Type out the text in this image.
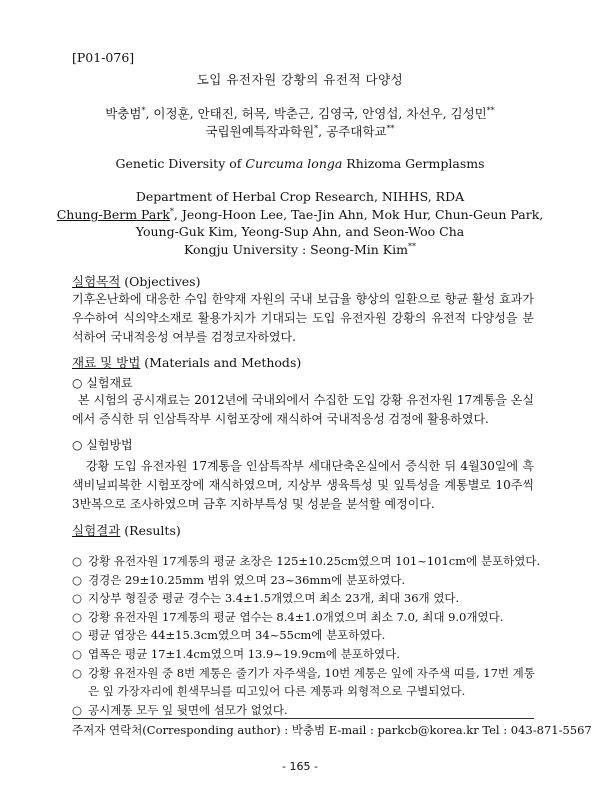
[P01-076]
도입 유전자원 강황의 유전적 다양성
박충범*, 이정훈, 안태진, 허목, 박춘근, 김영국, 안영섭, 차선우, 김성민**
국립원예특작과학원*, 공주대학교**
Genetic Diversity of Curcuma longa Rhizoma Germplasms
Department of Herbal Crop Research, NIHHS, RDA
Chung-Berm Park*, Jeong-Hoon Lee, Tae-Jin Ahn, Mok Hur, Chun-Geun Park,
Young-Guk Kim, Yeong-Sup Ahn, and Seon-Woo Cha
Kongju University : Seong-Min Kim**
실험목적 (Objectives)
기후온난화에 대응한 수입 한약재 자원의 국내 보급율 향상의 일환으로 향균 활성 효과가 우수하여 식의약소재로 활용가치가 기대되는 도입 유전자원 강황의 유전적 다양성을 분석하여 국내적응성 여부를 검정코자하였다.
재료 및 방법 (Materials and Methods)
○ 실험재료
본 시험의 공시재료는 2012년에 국내외에서 수집한 도입 강황 유전자원 17계통을 온실에서 증식한 뒤 인삼특작부 시험포장에 재식하여 국내적응성 검정에 활용하였다.
○ 실험방법
강황 도입 유전자원 17계통을 인삼특작부 세대단축온실에서 증식한 뒤 4월30일에 흑색비닐피복한 시험포장에 재식하였으며, 지상부 생육특성 및 잎특성을 계통별로 10주씩 3반복으로 조사하였으며 금후 지하부특성 및 성분을 분석할 예정이다.
실험결과 (Results)
○ 강황 유전자원 17계통의 평균 초장은 125±10.25cm였으며 101~101cm에 분포하였다.
○ 경경은 29±10.25mm 범위 였으며 23~36mm에 분포하였다.
○ 지상부 형질중 평균 경수는 3.4±1.5개였으며 최소 23개, 최대 36개 였다.
○ 강황 유전자원 17계통의 평균 엽수는 8.4±1.0개였으며 최소 7.0, 최대 9.0개였다.
○ 평균 엽장은 44±15.3cm였으며 34~55cm에 분포하였다.
○ 엽폭은 평균 17±1.4cm였으며 13.9~19.9cm에 분포하였다.
○ 강황 유전자원 중 8번 계통은 줄기가 자주색을, 10번 계통은 잎에 자주색 띠를, 17번 계통은 잎 가장자리에 흰색무늬를 띠고있어 다른 계통과 외형적으로 구별되었다.
○ 공시계통 모두 잎 뒷면에 섬모가 없었다.
주저자 연락처(Corresponding author) : 박충범 E-mail : parkcb@korea.kr Tel : 043-871-5567
- 165 -
